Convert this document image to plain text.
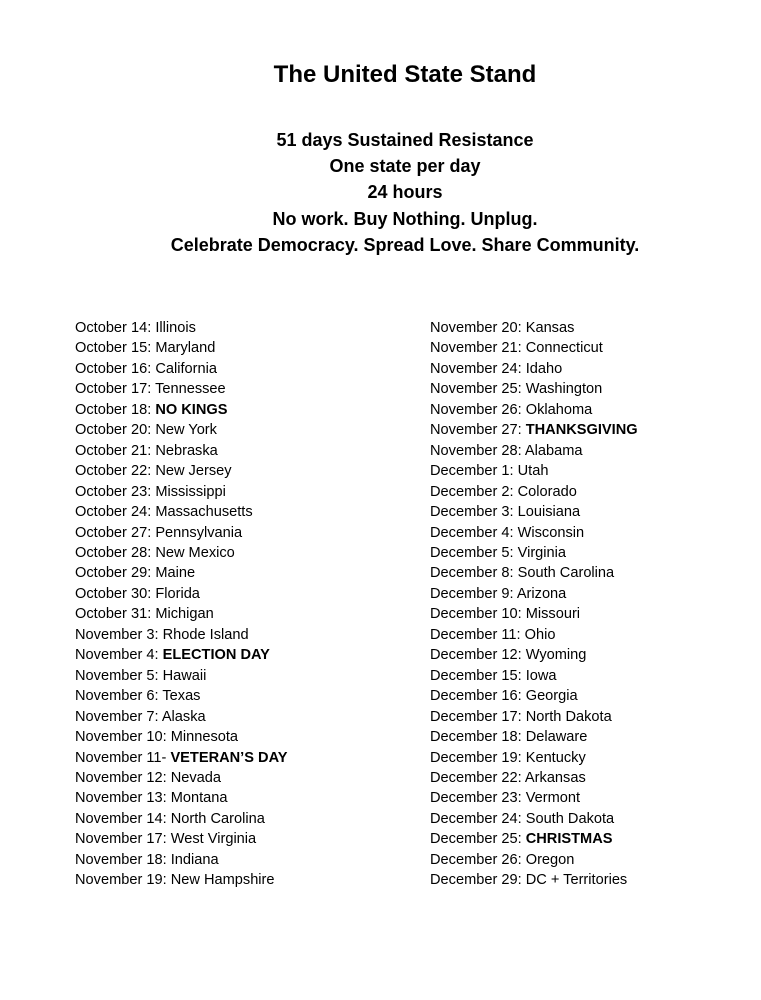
The United State Stand
51 days Sustained Resistance
One state per day
24 hours
No work. Buy Nothing. Unplug.
Celebrate Democracy. Spread Love. Share Community.
October 14: Illinois
October 15: Maryland
October 16: California
October 17: Tennessee
October 18: NO KINGS
October 20: New York
October 21: Nebraska
October 22: New Jersey
October 23: Mississippi
October 24: Massachusetts
October 27: Pennsylvania
October 28: New Mexico
October 29: Maine
October 30: Florida
October 31: Michigan
November 3: Rhode Island
November 4: ELECTION DAY
November 5: Hawaii
November 6: Texas
November 7: Alaska
November 10: Minnesota
November 11- VETERAN’S DAY
November 12: Nevada
November 13: Montana
November 14: North Carolina
November 17: West Virginia
November 18: Indiana
November 19: New Hampshire
November 20: Kansas
November 21: Connecticut
November 24: Idaho
November 25: Washington
November 26: Oklahoma
November 27: THANKSGIVING
November 28: Alabama
December 1: Utah
December 2: Colorado
December 3: Louisiana
December 4: Wisconsin
December 5: Virginia
December 8: South Carolina
December 9: Arizona
December 10: Missouri
December 11: Ohio
December 12: Wyoming
December 15: Iowa
December 16: Georgia
December 17: North Dakota
December 18: Delaware
December 19: Kentucky
December 22: Arkansas
December 23: Vermont
December 24: South Dakota
December 25: CHRISTMAS
December 26: Oregon
December 29: DC + Territories
